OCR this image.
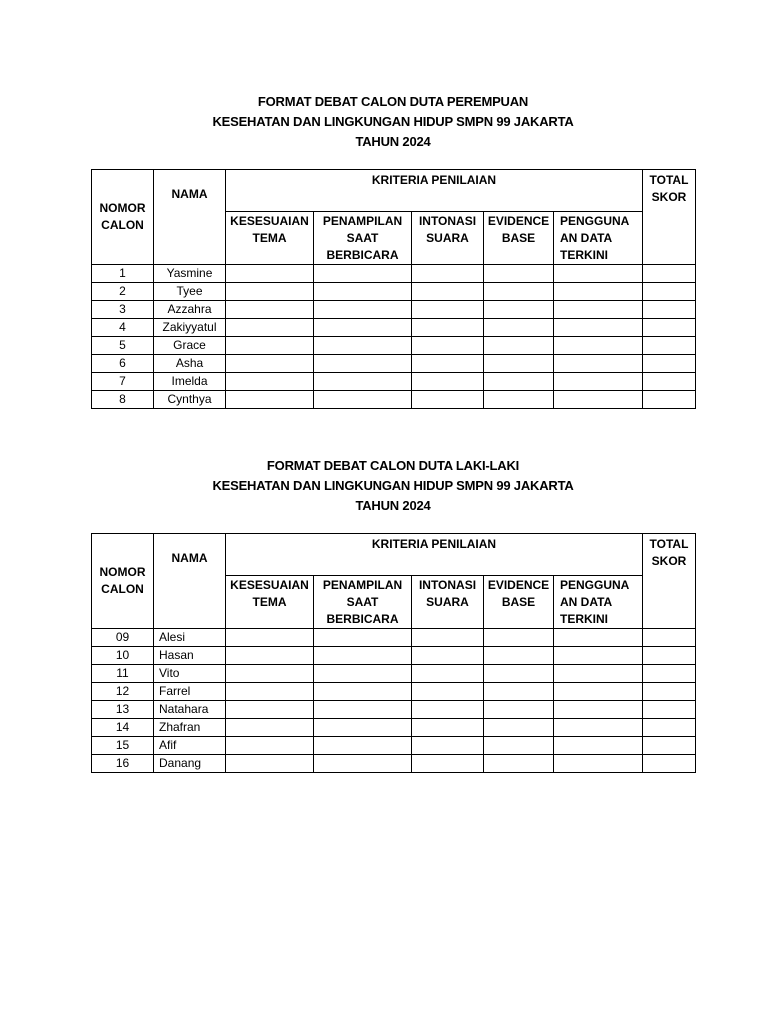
FORMAT DEBAT CALON DUTA PEREMPUAN
KESEHATAN DAN LINGKUNGAN HIDUP SMPN 99 JAKARTA
TAHUN 2024
NOMOR CALON	NAMA	KRITERIA PENILAIAN					TOTAL SKOR
		KESESUAIAN TEMA	PENAMPILAN SAAT BERBICARA	INTONASI SUARA	EVIDENCE BASE	PENGGUNA AN DATA TERKINI	
1	Yasmine						
2	Tyee						
3	Azzahra						
4	Zakiyyatul						
5	Grace						
6	Asha						
7	Imelda						
8	Cynthya						
FORMAT DEBAT CALON DUTA LAKI-LAKI
KESEHATAN DAN LINGKUNGAN HIDUP SMPN 99 JAKARTA
TAHUN 2024
NOMOR CALON	NAMA	KRITERIA PENILAIAN					TOTAL SKOR
		KESESUAIAN TEMA	PENAMPILAN SAAT BERBICARA	INTONASI SUARA	EVIDENCE BASE	PENGGUNA AN DATA TERKINI	
09	Alesi						
10	Hasan						
11	Vito						
12	Farrel						
13	Natahara						
14	Zhafran						
15	Afif						
16	Danang						
